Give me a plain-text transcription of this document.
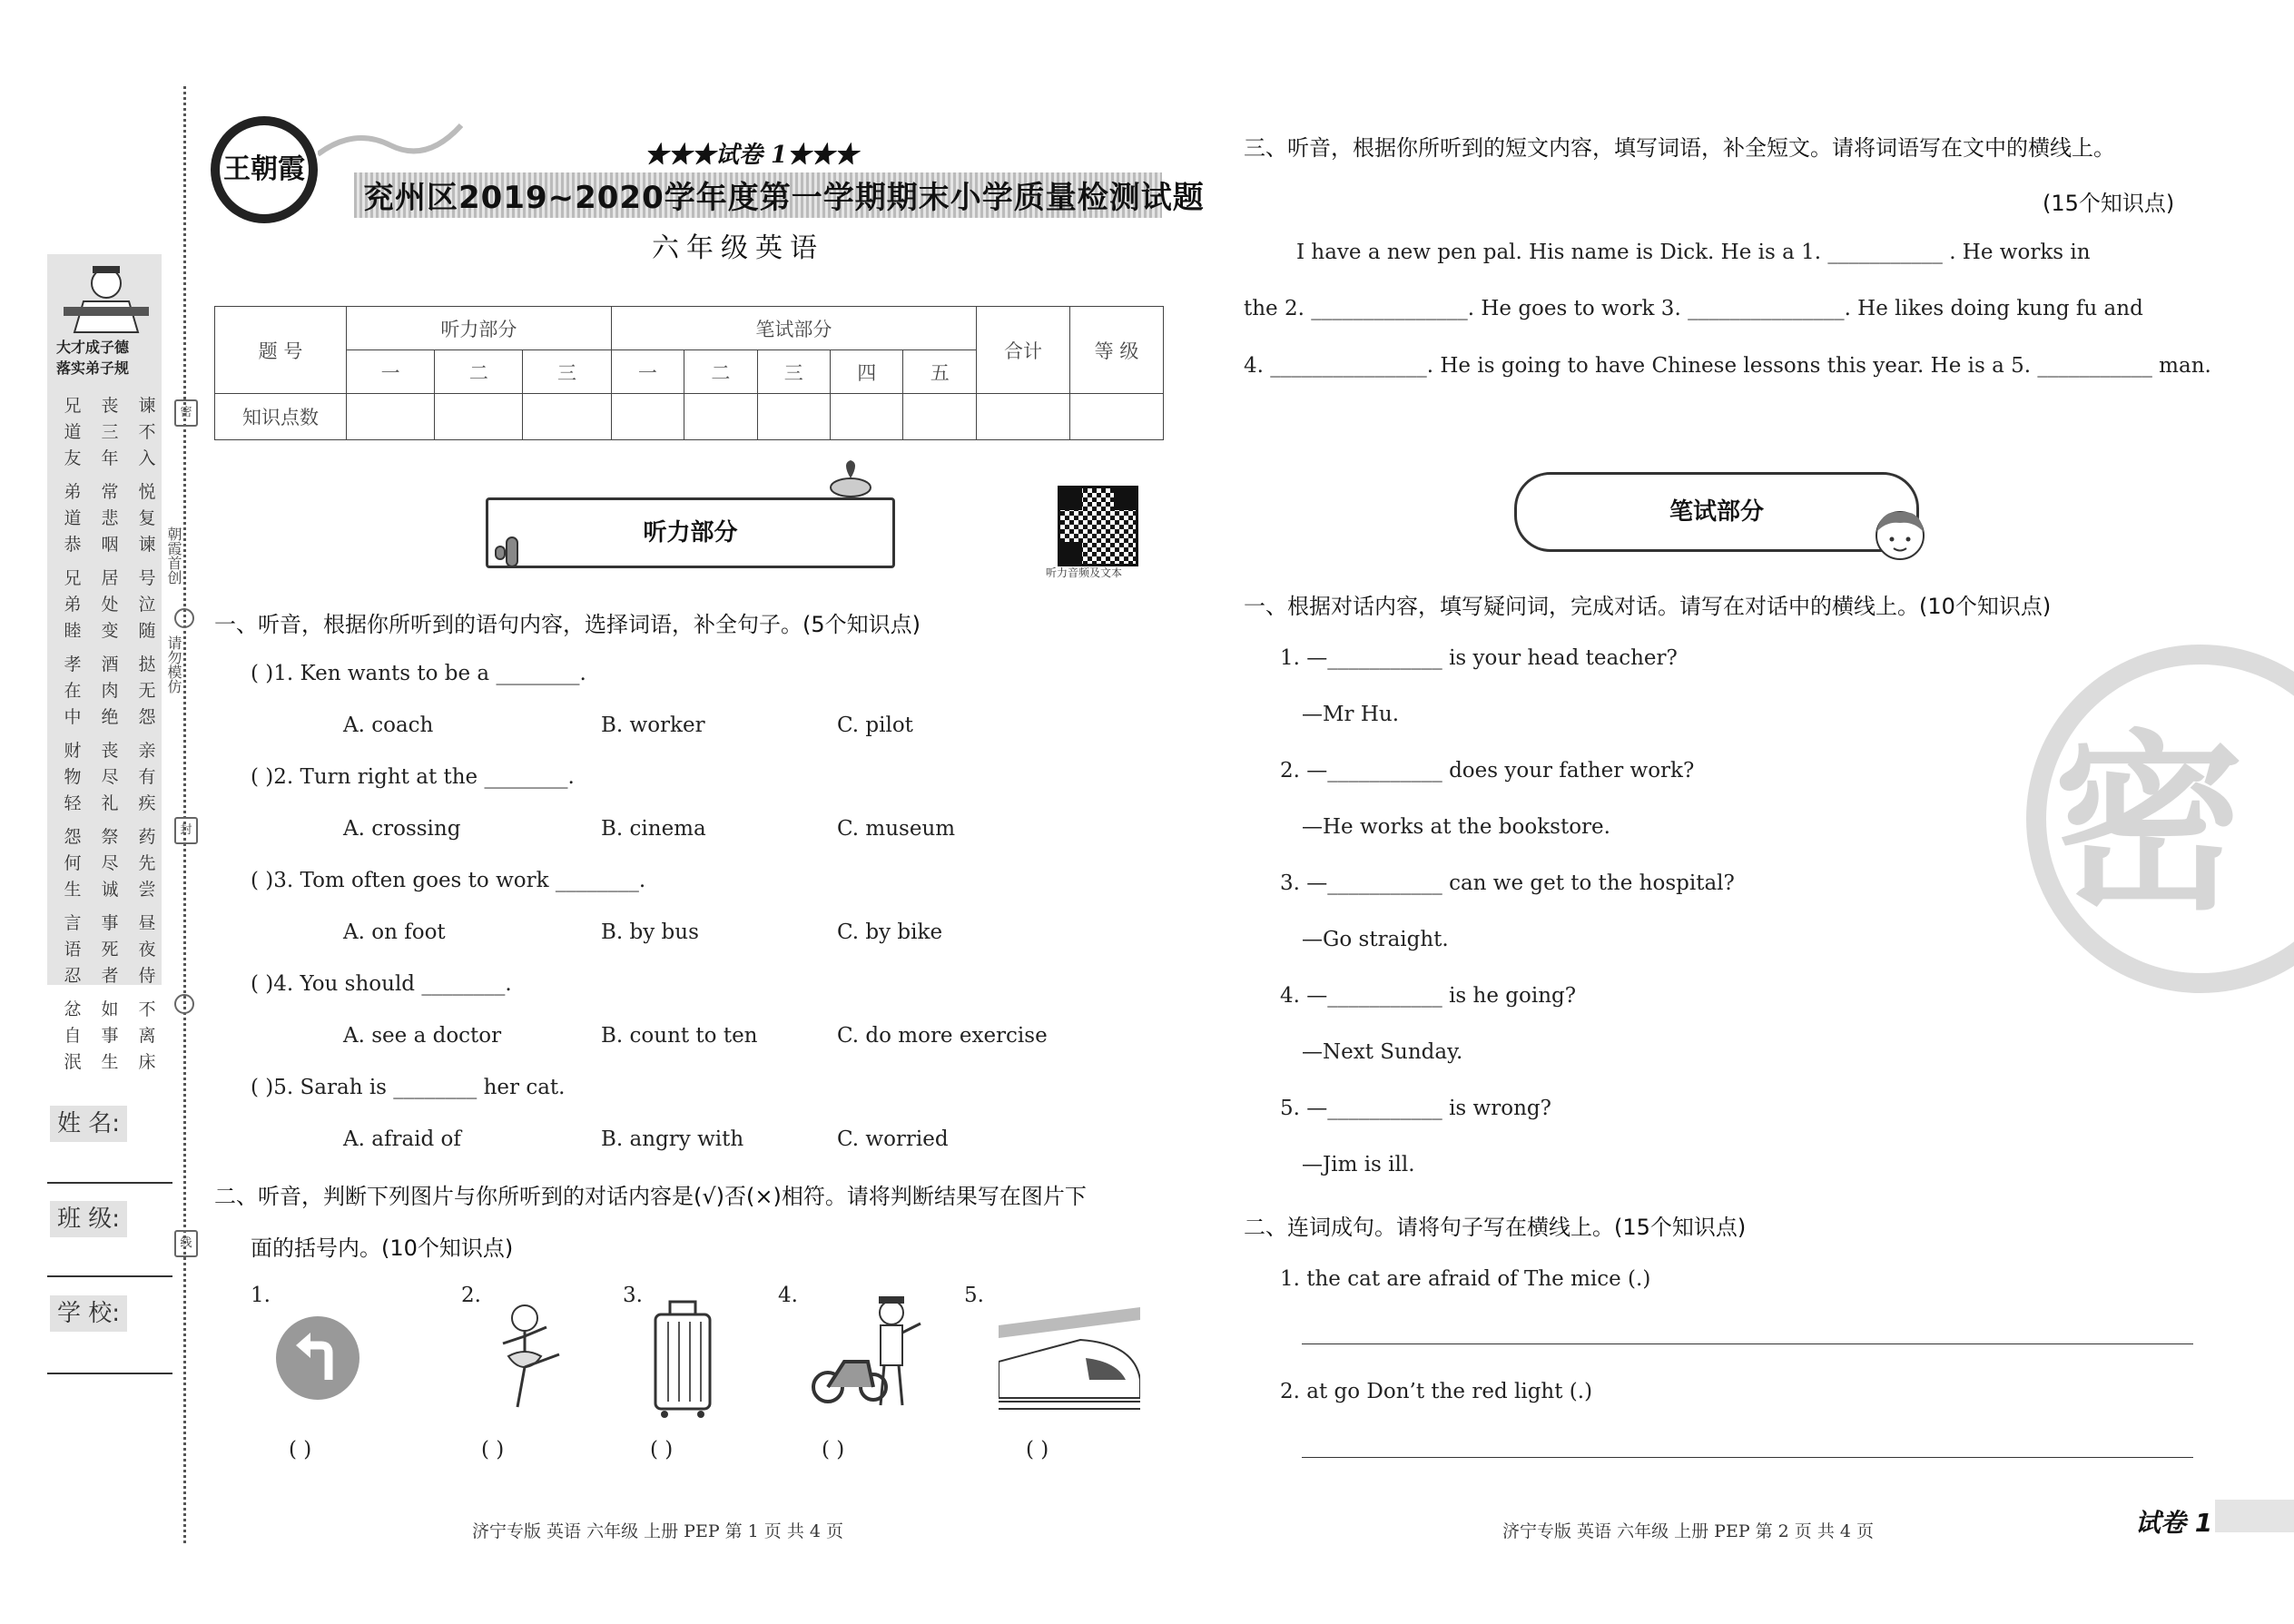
大才成子德
落实弟子规
兄 丧 谏
道 三 不
友 年 入
弟 常 悦
道 悲 复
恭 咽 谏
兄 居 号
弟 处 泣
睦 变 随
孝 酒 挞
在 肉 无
中 绝 怨
财 丧 亲
物 尽 有
轻 礼 疾
怨 祭 药
何 尽 先
生 诚 尝
言 事 昼
语 死 夜
忍 者 侍
忿 如 不
自 事 离
泯 生 床
密
封
线
朝霞首创
请勿模仿
姓 名:
班 级:
学 校:
王朝霞	★★★试卷 1★★★
兖州区2019~2020学年度第一学期期末小学质量检测试题
六年级英语
题 号	听力部分			笔试部分					合计	等 级
	一	二	三	一	二	三	四	五		
知识点数										
听力部分
听力音频及文本
一、听音，根据你所听到的语句内容，选择词语，补全句子。(5个知识点)
( )1. Ken wants to be a ________.
A. coach	B. worker	C. pilot
( )2. Turn right at the ________.
A. crossing	B. cinema	C. museum
( )3. Tom often goes to work ________.
A. on foot	B. by bus	C. by bike
( )4. You should ________.
A. see a doctor	B. count to ten	C. do more exercise
( )5. Sarah is ________ her cat.
A. afraid of	B. angry with	C. worried
二、听音，判断下列图片与你所听到的对话内容是(√)否(×)相符。请将判断结果写在图片下
面的括号内。(10个知识点)
1.	2.	3.	4.	5.
( )	( )	( )	( )	( )
济宁专版 英语 六年级 上册 PEP 第 1 页 共 4 页
三、听音，根据你所听到的短文内容，填写词语，补全短文。请将词语写在文中的横线上。
(15个知识点)
I have a new pen pal. His name is Dick. He is a 1. ___________ . He works in
the 2. _______________. He goes to work 3. _______________. He likes doing kung fu and
4. _______________. He is going to have Chinese lessons this year. He is a 5. ___________ man.
笔试部分
一、根据对话内容，填写疑问词，完成对话。请写在对话中的横线上。(10个知识点)
1. —___________ is your head teacher?
—Mr Hu.
2. —___________ does your father work?
—He works at the bookstore.
3. —___________ can we get to the hospital?
—Go straight.
4. —___________ is he going?
—Next Sunday.
5. —___________ is wrong?
—Jim is ill.
二、连词成句。请将句子写在横线上。(15个知识点)
1. the cat are afraid of The mice (.)
2. at go Don’t the red light (.)
密
济宁专版 英语 六年级 上册 PEP 第 2 页 共 4 页	试卷 1
